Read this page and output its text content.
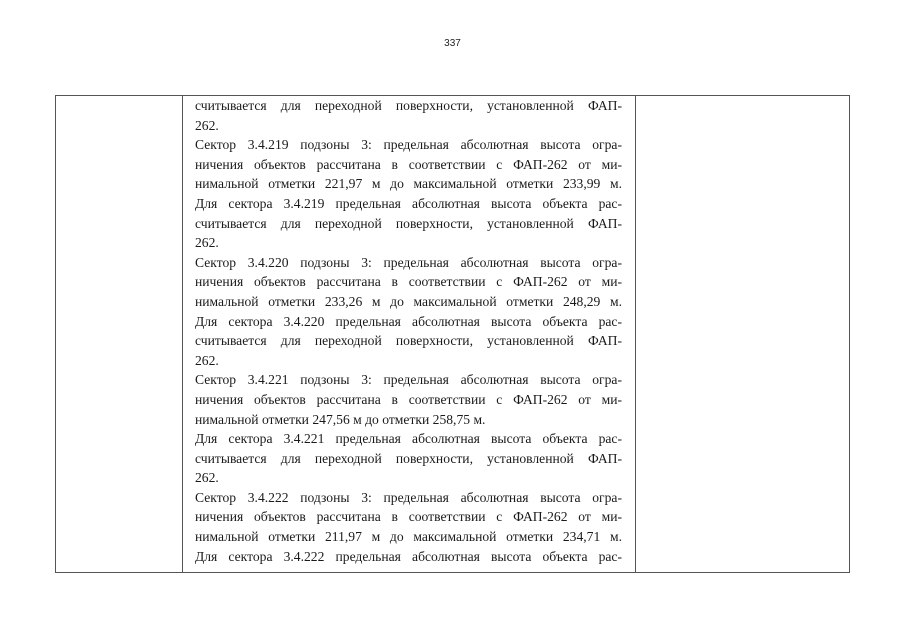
337
считывается для переходной поверхности, установленной ФАП-
262.
Сектор 3.4.219 подзоны 3: предельная абсолютная высота огра-
ничения объектов рассчитана в соответствии с ФАП-262 от ми-
нимальной отметки 221,97 м до максимальной отметки 233,99 м.
Для сектора 3.4.219 предельная абсолютная высота объекта рас-
считывается для переходной поверхности, установленной ФАП-
262.
Сектор 3.4.220 подзоны 3: предельная абсолютная высота огра-
ничения объектов рассчитана в соответствии с ФАП-262 от ми-
нимальной отметки 233,26 м до максимальной отметки 248,29 м.
Для сектора 3.4.220 предельная абсолютная высота объекта рас-
считывается для переходной поверхности, установленной ФАП-
262.
Сектор 3.4.221 подзоны 3: предельная абсолютная высота огра-
ничения объектов рассчитана в соответствии с ФАП-262 от ми-
нимальной отметки 247,56 м до отметки 258,75 м.
Для сектора 3.4.221 предельная абсолютная высота объекта рас-
считывается для переходной поверхности, установленной ФАП-
262.
Сектор 3.4.222 подзоны 3: предельная абсолютная высота огра-
ничения объектов рассчитана в соответствии с ФАП-262 от ми-
нимальной отметки 211,97 м до максимальной отметки 234,71 м.
Для сектора 3.4.222 предельная абсолютная высота объекта рас-
